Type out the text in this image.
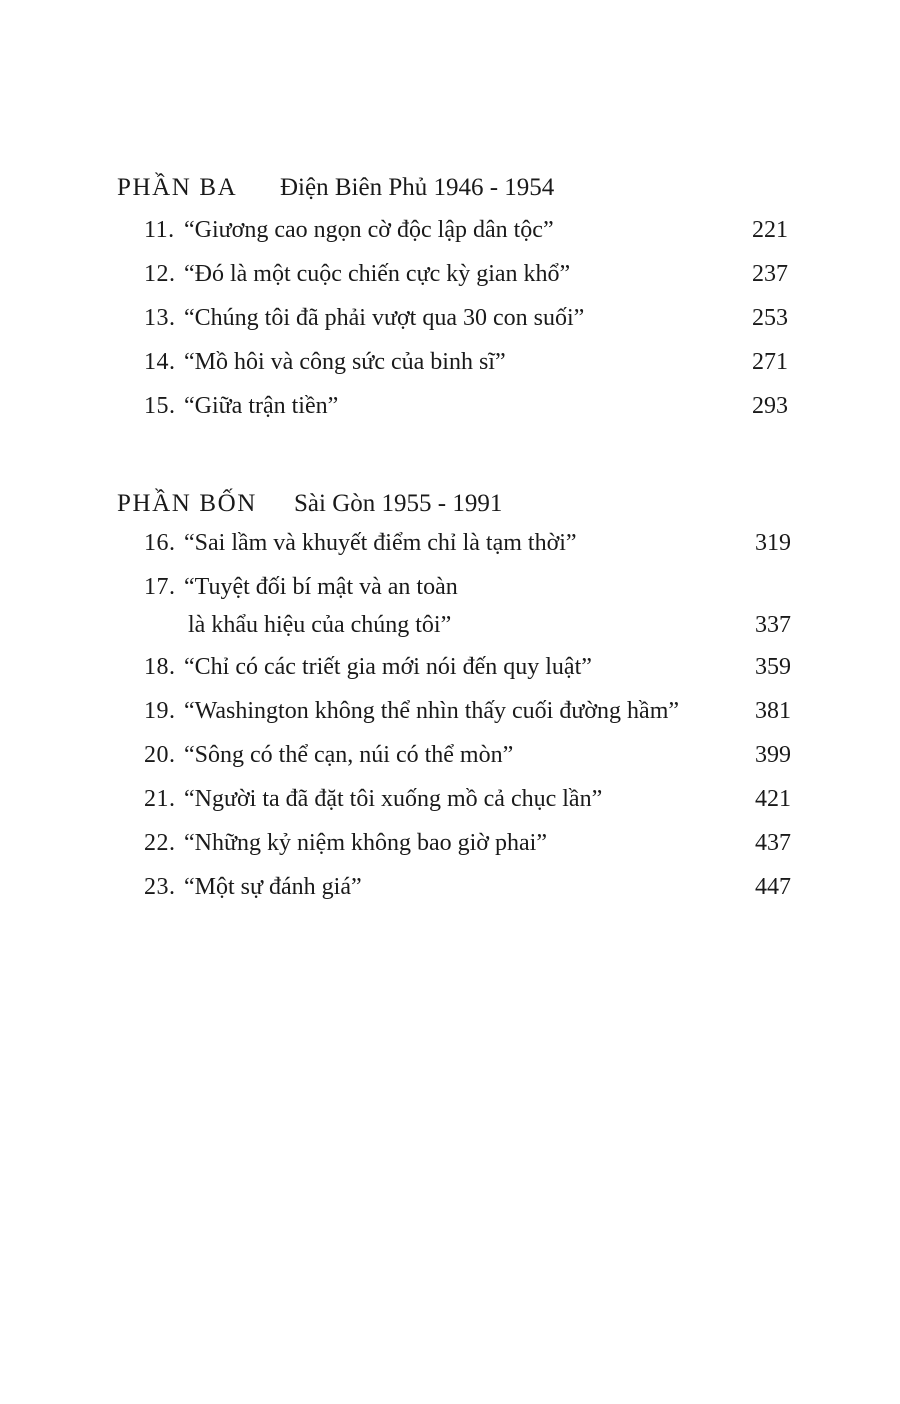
PHẦN BA Điện Biên Phủ 1946 - 1954
11. “Giương cao ngọn cờ độc lập dân tộc”	221
12. “Đó là một cuộc chiến cực kỳ gian khổ”	237
13. “Chúng tôi đã phải vượt qua 30 con suối”	253
14. “Mồ hôi và công sức của binh sĩ”	271
15. “Giữa trận tiền”	293
PHẦN BỐN Sài Gòn 1955 - 1991
16. “Sai lầm và khuyết điểm chỉ là tạm thời”	319
17. “Tuyệt đối bí mật và an toàn
là khẩu hiệu của chúng tôi”	337
18. “Chỉ có các triết gia mới nói đến quy luật”	359
19. “Washington không thể nhìn thấy cuối đường hầm”	381
20. “Sông có thể cạn, núi có thể mòn”	399
21. “Người ta đã đặt tôi xuống mồ cả chục lần”	421
22. “Những kỷ niệm không bao giờ phai”	437
23. “Một sự đánh giá”	447
